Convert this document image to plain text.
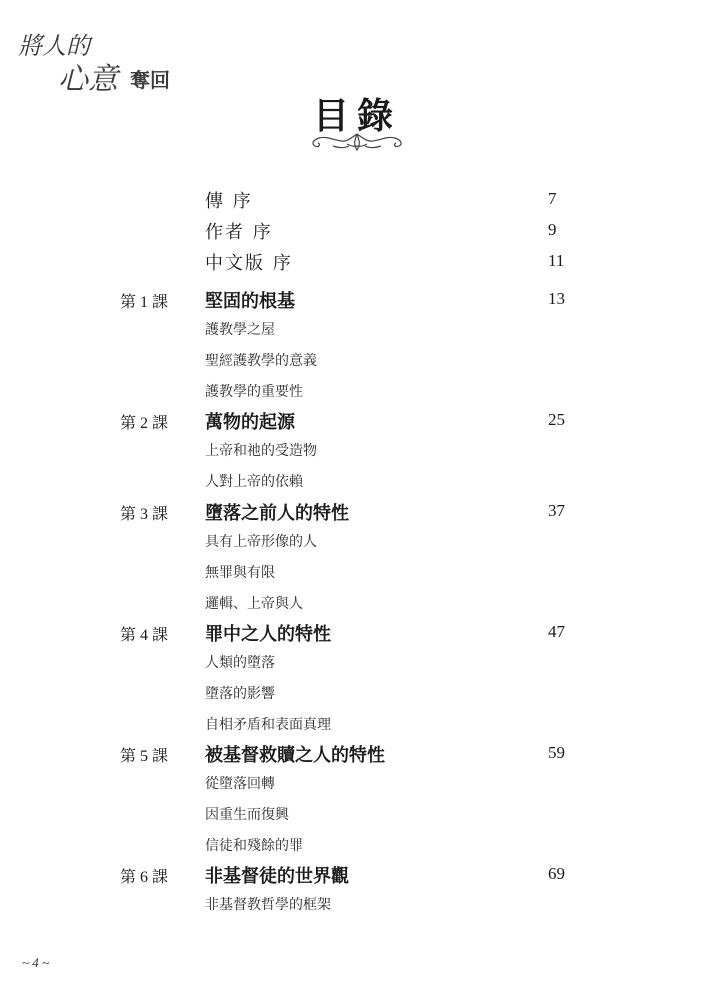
將人的
心意 奪回
目錄
傳 序	7
作者 序	9
中文版 序	11
第 1 課 堅固的根基	13
護教學之屋
聖經護教學的意義
護教學的重要性
第 2 課 萬物的起源	25
上帝和祂的受造物
人對上帝的依賴
第 3 課 墮落之前人的特性	37
具有上帝形像的人
無罪與有限
邏輯、上帝與人
第 4 課 罪中之人的特性	47
人類的墮落
墮落的影響
自相矛盾和表面真理
第 5 課 被基督救贖之人的特性	59
從墮落回轉
因重生而復興
信徒和殘餘的罪
第 6 課 非基督徒的世界觀	69
非基督教哲學的框架
~ 4 ~
